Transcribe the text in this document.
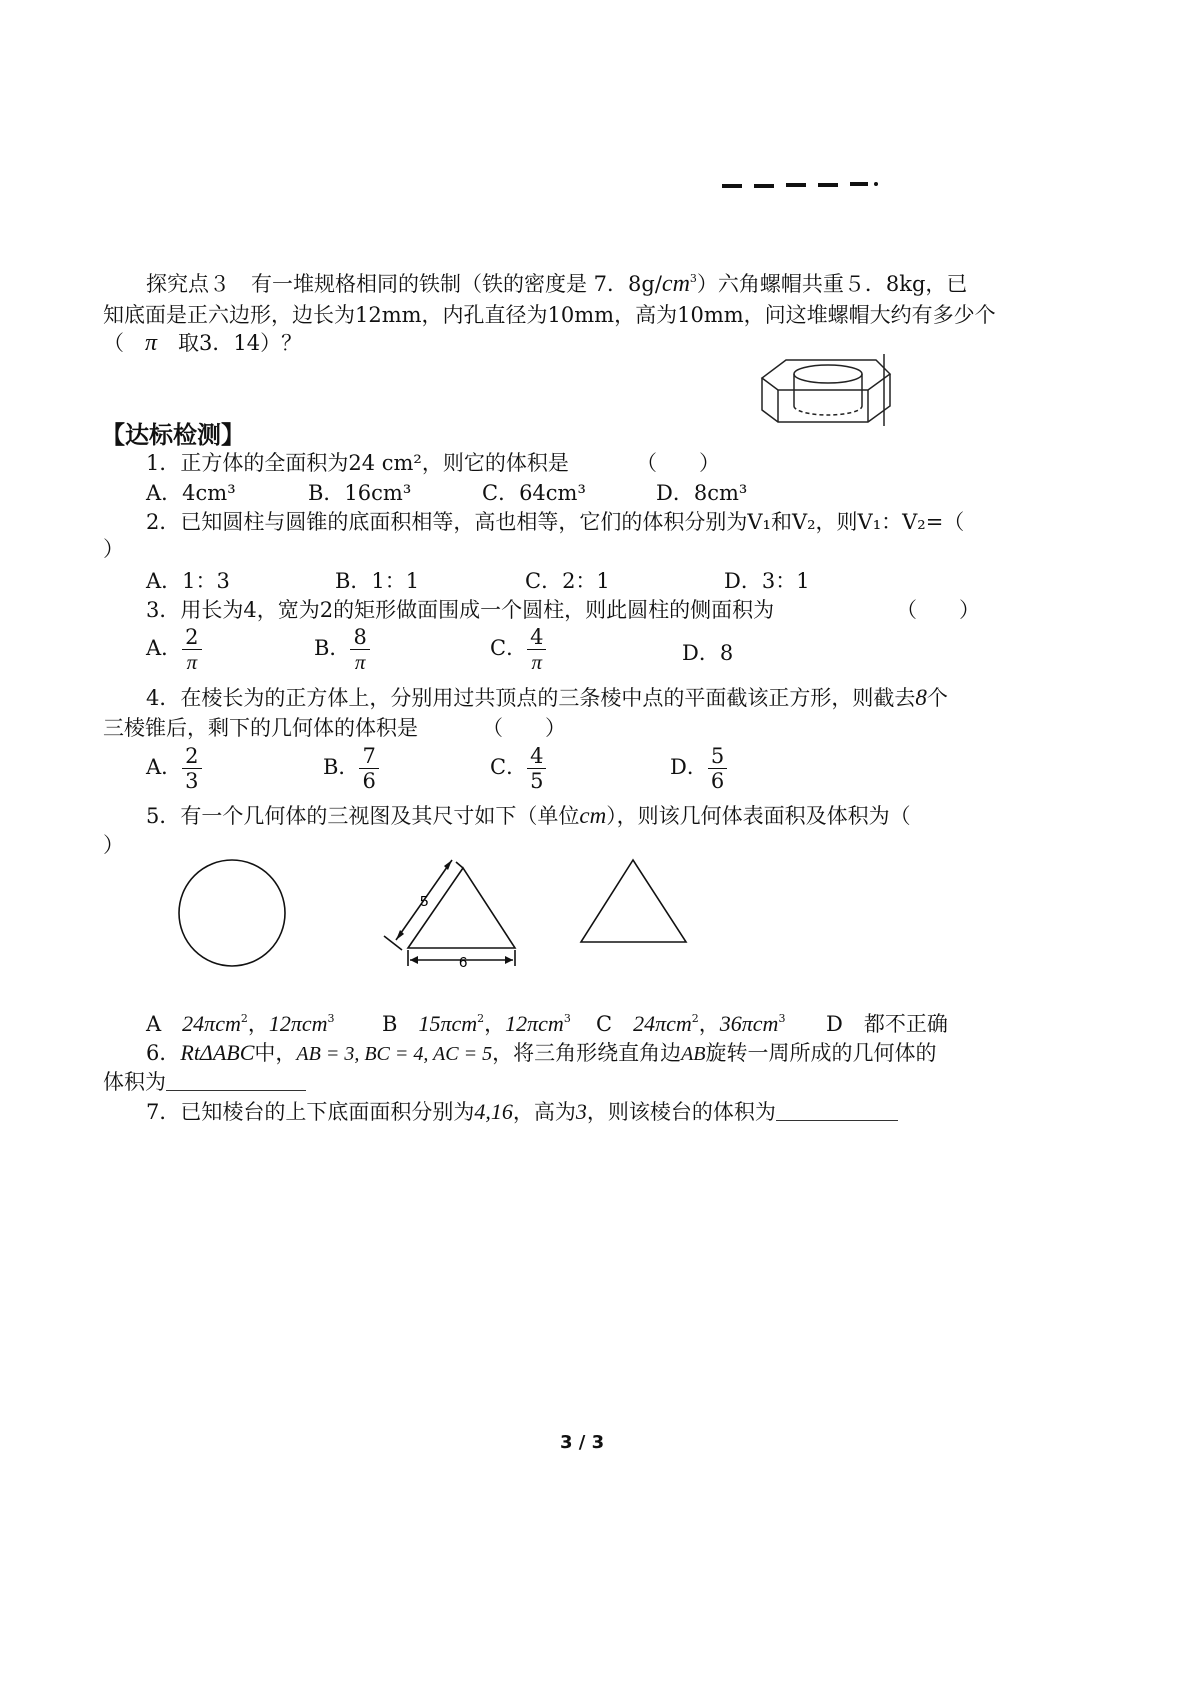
探究点３　 有一堆规格相同的铁制（铁的密度是 7．$8g/cm^3$）六角螺帽共重５．8kg，已
知底面是正六边形，边长为12mm，内孔直径为10mm，高为10mm，问这堆螺帽大约有多少个
（　 π　 取3．14）？
【达标检测】
1．正方体的全面积为24 cm²，则它的体积是	（　　）
A．4cm³	B．16cm³	C．64cm³	D．8cm³
2．已知圆柱与圆锥的底面积相等，高也相等，它们的体积分别为V₁和V₂，则V₁：V₂=（
）
A．1：3	B．1：1	C．2：1	D．3：1
3．用长为4，宽为2的矩形做面围成一个圆柱，则此圆柱的侧面积为	（　　）
A． $\frac{2}{\pi}$	B． $\frac{8}{\pi}$	C． $\frac{4}{\pi}$	D．8
4．在棱长为的正方体上，分别用过共顶点的三条棱中点的平面截该正方形，则截去8个
三棱锥后，剩下的几何体的体积是	（　　）
A． $\frac{2}{3}$	B． $\frac{7}{6}$	C． $\frac{4}{5}$	D． $\frac{5}{6}$
5．有一个几何体的三视图及其尺寸如下（单位cm），则该几何体表面积及体积为（
）
5
6
A　 24πcm$^2$，12πcm$^3$ B　 15πcm$^2$，12πcm$^3$ C　 24πcm$^2$，36πcm$^3$ D　都不正确
6．RtΔABC中，AB = 3, BC = 4, AC = 5，将三角形绕直角边AB旋转一周所成的几何体的
体积为
7．已知棱台的上下底面面积分别为4,16，高为3，则该棱台的体积为
3 / 3
